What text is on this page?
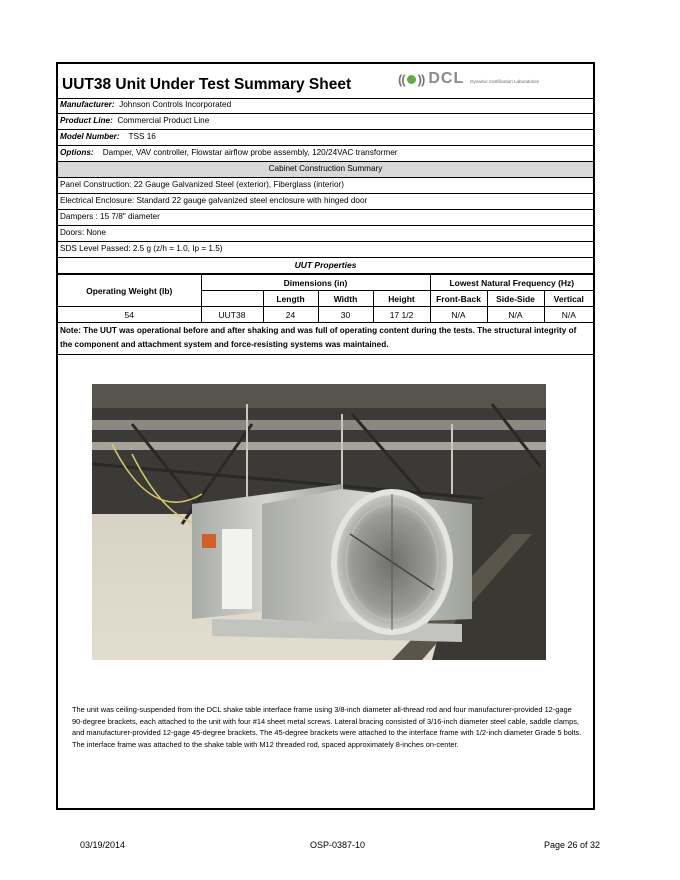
UUT38 Unit Under Test Summary Sheet	(( )) DCL Dynamic Certification Laboratories
Manufacturer: Johnson Controls Incorporated
Product Line: Commercial Product Line
Model Number: TSS 16
Options: Damper, VAV controller, Flowstar airflow probe assembly, 120/24VAC transformer
Cabinet Construction Summary
Panel Construction: 22 Gauge Galvanized Steel (exterior), Fiberglass (interior)
Electrical Enclosure: Standard 22 gauge galvanized steel enclosure with hinged door
Dampers : 15 7/8" diameter
Doors: None
SDS Level Passed: 2.5 g (z/h = 1.0, Ip = 1.5)
UUT Properties
Operating Weight (lb)	Dimensions (in)				Lowest Natural Frequency (Hz)		
		Length	Width	Height	Front-Back	Side-Side	Vertical
54	UUT38	24	30	17 1/2	N/A	N/A	N/A
Note: The UUT was operational before and after shaking and was full of operating content during the tests. The structural integrity of the component and attachment system and force-resisting systems was maintained.
The unit was ceiling-suspended from the DCL shake table interface frame using 3/8-inch diameter all-thread rod and four manufacturer-provided 12-gage 90-degree brackets, each attached to the unit with four #14 sheet metal screws. Lateral bracing consisted of 3/16-inch diameter steel cable, saddle clamps, and manufacturer-provided 12-gage 45-degree brackets. The 45-degree brackets were attached to the interface frame with 1/2-inch diameter Grade 5 bolts. The interface frame was attached to the shake table with M12 threaded rod, spaced approximately 8-inches on-center.
03/19/2014	OSP-0387-10	Page 26 of 32
